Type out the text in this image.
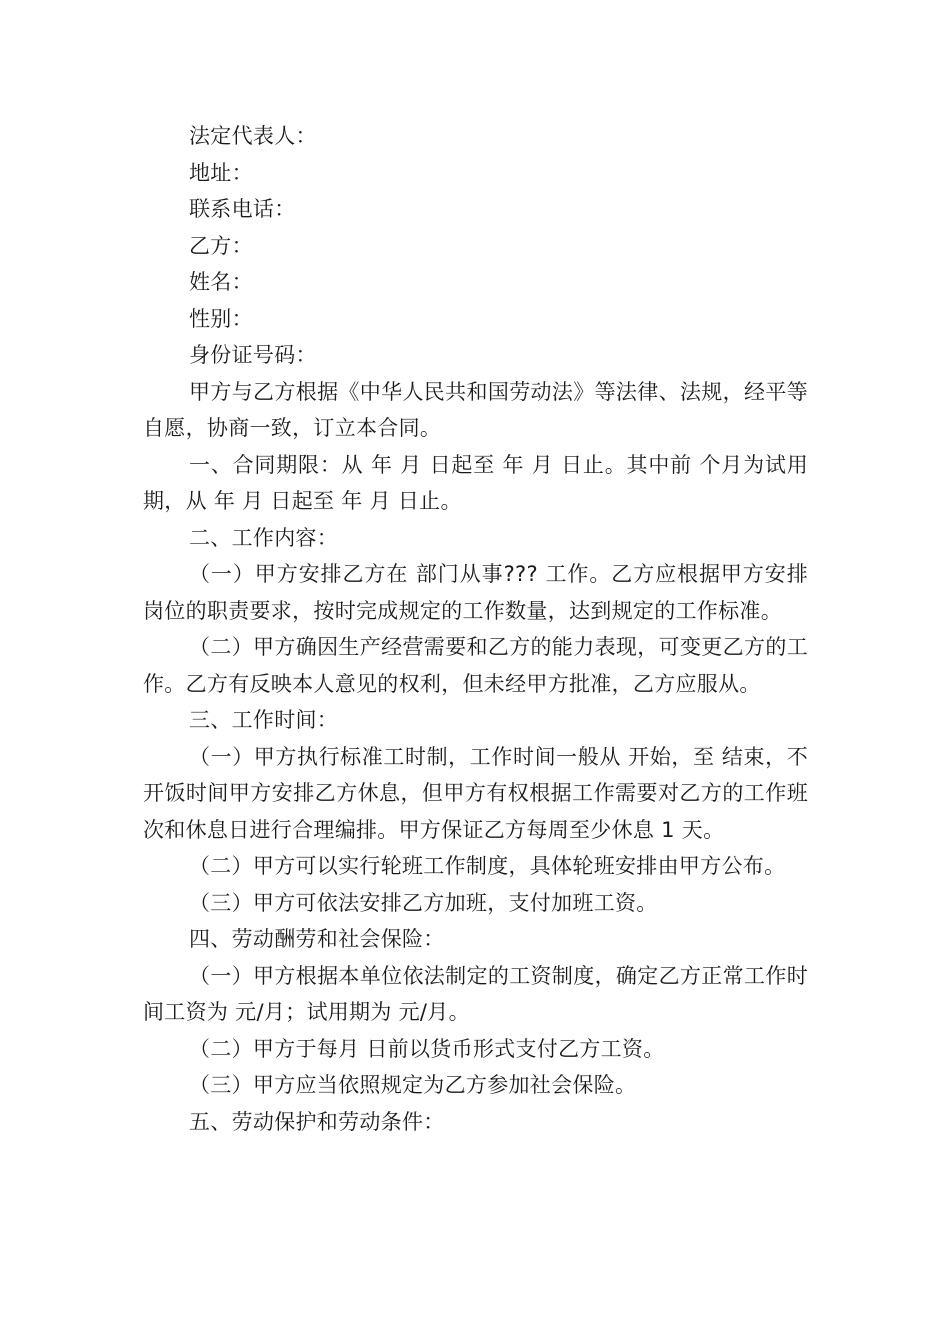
法定代表人：

地址：

联系电话：

乙方：

姓名：

性别：

身份证号码：

甲方与乙方根据《中华人民共和国劳动法》等法律、法规，经平等自愿，协商一致，订立本合同。

一、合同期限：从 年 月 日起至 年 月 日止。其中前 个月为试用期，从 年 月 日起至 年 月 日止。

二、工作内容：

（一）甲方安排乙方在 部门从事??? 工作。乙方应根据甲方安排岗位的职责要求，按时完成规定的工作数量，达到规定的工作标准。

（二）甲方确因生产经营需要和乙方的能力表现，可变更乙方的工作。乙方有反映本人意见的权利，但未经甲方批准，乙方应服从。

三、工作时间：

（一）甲方执行标准工时制，工作时间一般从 开始，至 结束，不开饭时间甲方安排乙方休息，但甲方有权根据工作需要对乙方的工作班次和休息日进行合理编排。甲方保证乙方每周至少休息 1 天。

（二）甲方可以实行轮班工作制度，具体轮班安排由甲方公布。

（三）甲方可依法安排乙方加班，支付加班工资。

四、劳动酬劳和社会保险：

（一）甲方根据本单位依法制定的工资制度，确定乙方正常工作时间工资为 元/月；试用期为 元/月。

（二）甲方于每月 日前以货币形式支付乙方工资。

（三）甲方应当依照规定为乙方参加社会保险。

五、劳动保护和劳动条件：
